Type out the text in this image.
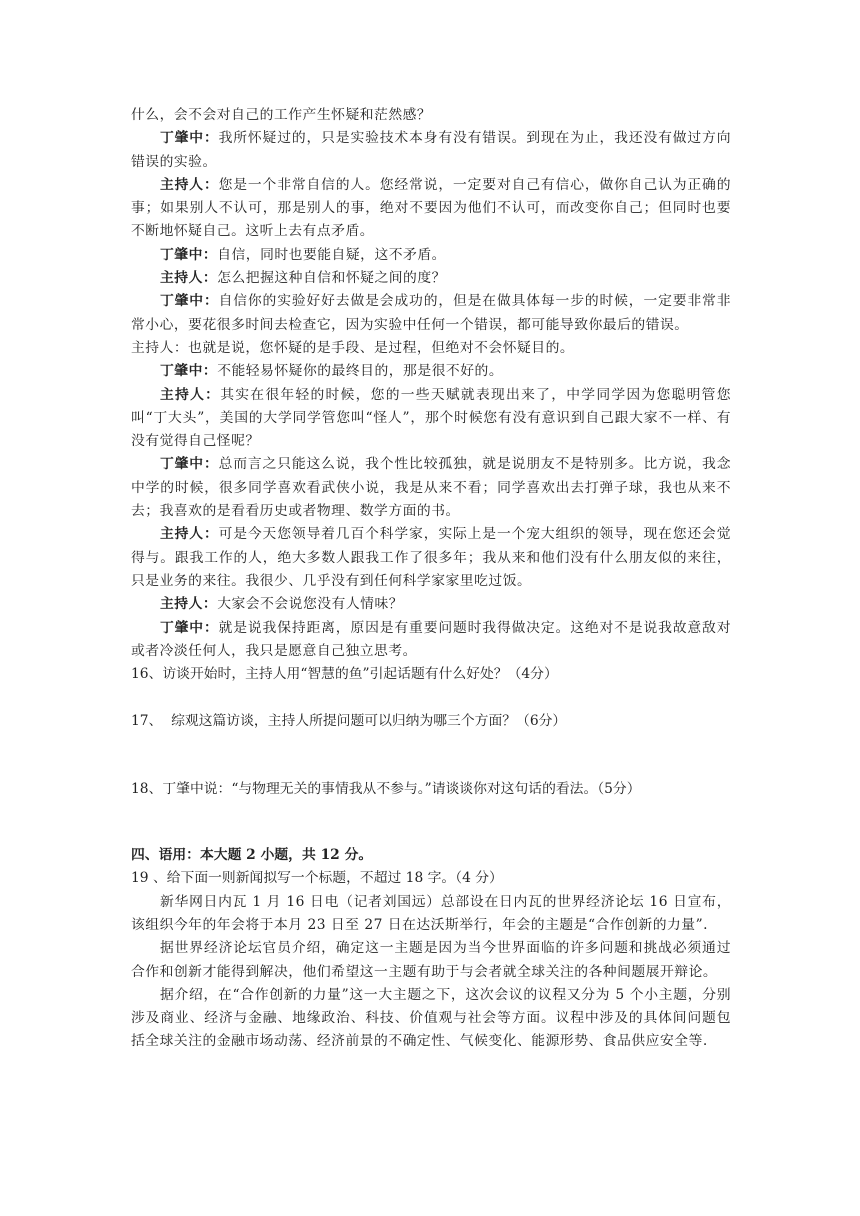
什么，会不会对自己的工作产生怀疑和茫然感？

丁肇中：我所怀疑过的，只是实验技术本身有没有错误。到现在为止，我还没有做过方向错误的实验。

主持人：您是一个非常自信的人。您经常说，一定要对自己有信心，做你自己认为正确的事；如果别人不认可，那是别人的事，绝对不要因为他们不认可，而改变你自己；但同时也要不断地怀疑自己。这听上去有点矛盾。

丁肇中：自信，同时也要能自疑，这不矛盾。

主持人：怎么把握这种自信和怀疑之间的度？

丁肇中：自信你的实验好好去做是会成功的，但是在做具体每一步的时候，一定要非常非常小心，要花很多时间去检查它，因为实验中任何一个错误，都可能导致你最后的错误。

主持人：也就是说，您怀疑的是手段、是过程，但绝对不会怀疑目的。

丁肇中：不能轻易怀疑你的最终目的，那是很不好的。

主持人：其实在很年轻的时候，您的一些天赋就表现出来了，中学同学因为您聪明管您叫“丁大头”，美国的大学同学管您叫“怪人”，那个时候您有没有意识到自己跟大家不一样、有没有觉得自己怪呢？

丁肇中：总而言之只能这么说，我个性比较孤独，就是说朋友不是特别多。比方说，我念中学的时候，很多同学喜欢看武侠小说，我是从来不看；同学喜欢出去打弹子球，我也从来不去；我喜欢的是看看历史或者物理、数学方面的书。

主持人：可是今天您领导着几百个科学家，实际上是一个宠大组织的领导，现在您还会觉得与。跟我工作的人，绝大多数人跟我工作了很多年；我从来和他们没有什么朋友似的来往，只是业务的来往。我很少、几乎没有到任何科学家家里吃过饭。

主持人：大家会不会说您没有人情味？

丁肇中：就是说我保持距离，原因是有重要问题时我得做决定。这绝对不是说我故意敌对或者冷淡任何人，我只是愿意自己独立思考。

16、访谈开始时，主持人用“智慧的鱼”引起话题有什么好处？（4分）

17、  综观这篇访谈，主持人所提问题可以归纳为哪三个方面？（6分）

18、丁肇中说：“与物理无关的事情我从不参与。”请谈谈你对这句话的看法。（5分）

四、语用：本大题 2 小题，共 12 分。

19 、给下面一则新闻拟写一个标题，不超过 18 字。（4 分）

新华网日内瓦 1 月 16 日电（记者刘国远）总部设在日内瓦的世界经济论坛 16 日宣布，该组织今年的年会将于本月 23 日至 27 日在达沃斯举行，年会的主题是“合作创新的力量”.

据世界经济论坛官员介绍，确定这一主题是因为当今世界面临的许多问题和挑战必须通过合作和创新才能得到解决，他们希望这一主题有助于与会者就全球关注的各种间题展开辩论。

据介绍，在“合作创新的力量”这一大主题之下，这次会议的议程又分为 5 个小主题，分别涉及商业、经济与金融、地缘政治、科技、价值观与社会等方面。议程中涉及的具体间问题包括全球关注的金融市场动荡、经济前景的不确定性、气候变化、能源形势、食品供应安全等.
